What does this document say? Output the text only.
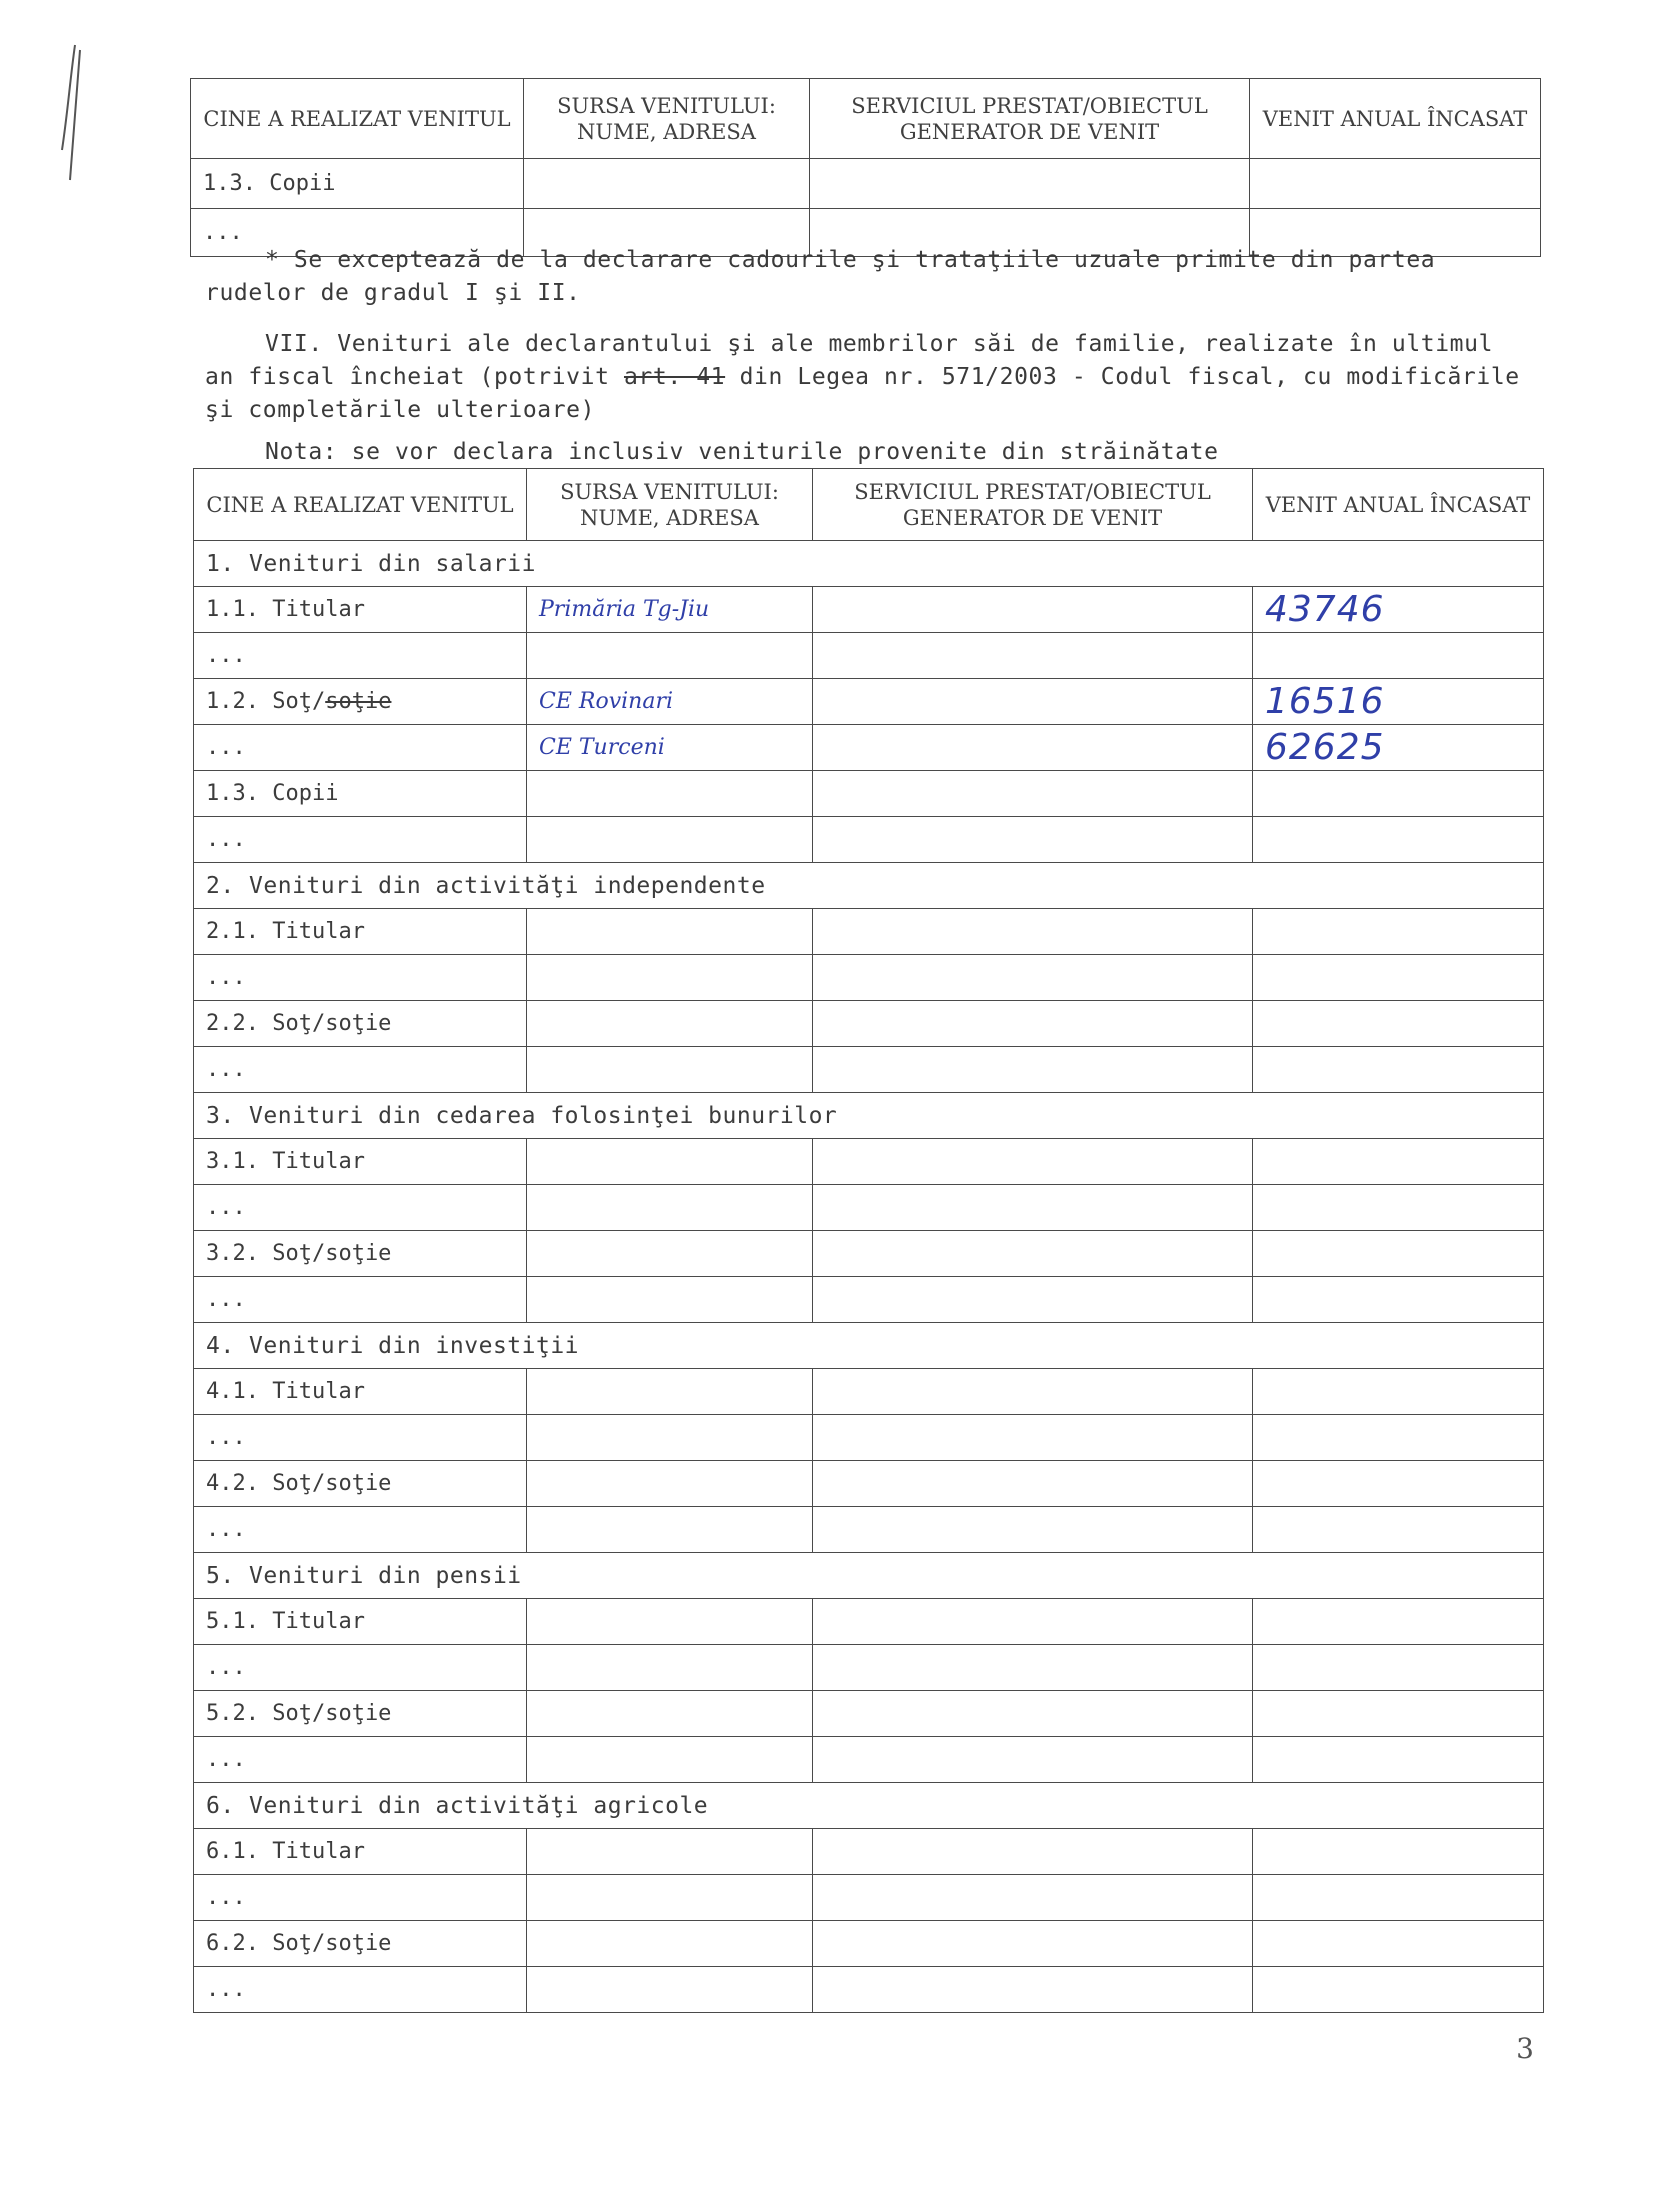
CINE A REALIZAT VENITUL	SURSA VENITULUI: NUME, ADRESA	SERVICIUL PRESTAT/OBIECTUL GENERATOR DE VENIT	VENIT ANUAL ÎNCASAT
1.3. Copii			
...			
* Se exceptează de la declarare cadourile şi trataţiile uzuale primite din partea rudelor de gradul I şi II.
VII. Venituri ale declarantului şi ale membrilor săi de familie, realizate în ultimul an fiscal încheiat (potrivit art. 41 din Legea nr. 571/2003 - Codul fiscal, cu modificările şi completările ulterioare)
Nota: se vor declara inclusiv veniturile provenite din străinătate
CINE A REALIZAT VENITUL	SURSA VENITULUI: NUME, ADRESA	SERVICIUL PRESTAT/OBIECTUL GENERATOR DE VENIT	VENIT ANUAL ÎNCASAT
1. Venituri din salarii			
1.1. Titular	Primăria Tg-Jiu		43746
...			
1.2. Soţ/soţie	CE Rovinari		16516
...	CE Turceni		62625
1.3. Copii			
...			
2. Venituri din activităţi independente			
2.1. Titular			
...			
2.2. Soţ/soţie			
...			
3. Venituri din cedarea folosinţei bunurilor			
3.1. Titular			
...			
3.2. Soţ/soţie			
...			
4. Venituri din investiţii			
4.1. Titular			
...			
4.2. Soţ/soţie			
...			
5. Venituri din pensii			
5.1. Titular			
...			
5.2. Soţ/soţie			
...			
6. Venituri din activităţi agricole			
6.1. Titular			
...			
6.2. Soţ/soţie			
...			
3
